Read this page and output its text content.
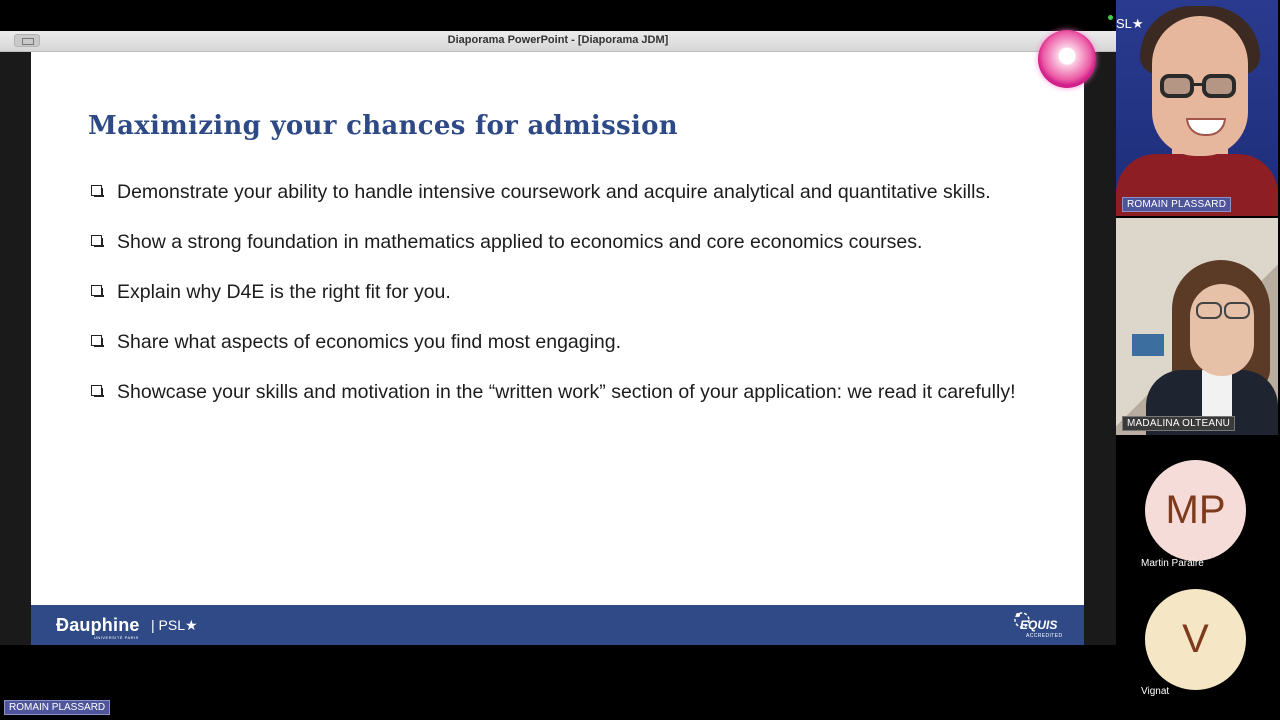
Diaporama PowerPoint - [Diaporama JDM]
Maximizing your chances for admission
Demonstrate your ability to handle intensive coursework and acquire analytical and quantitative skills.
Show a strong foundation in mathematics applied to economics and core economics courses.
Explain why D4E is the right fit for you.
Share what aspects of economics you find most engaging.
Showcase your skills and motivation in the “written work” section of your application: we read it carefully!
Ðauphine
UNIVERSITÉ PARIS
| PSL★	EQUIS
ACCREDITED
SL★
ROMAIN PLASSARD
MADALINA OLTEANU
MP
Martin Paraire
V
Vignat
ROMAIN PLASSARD
